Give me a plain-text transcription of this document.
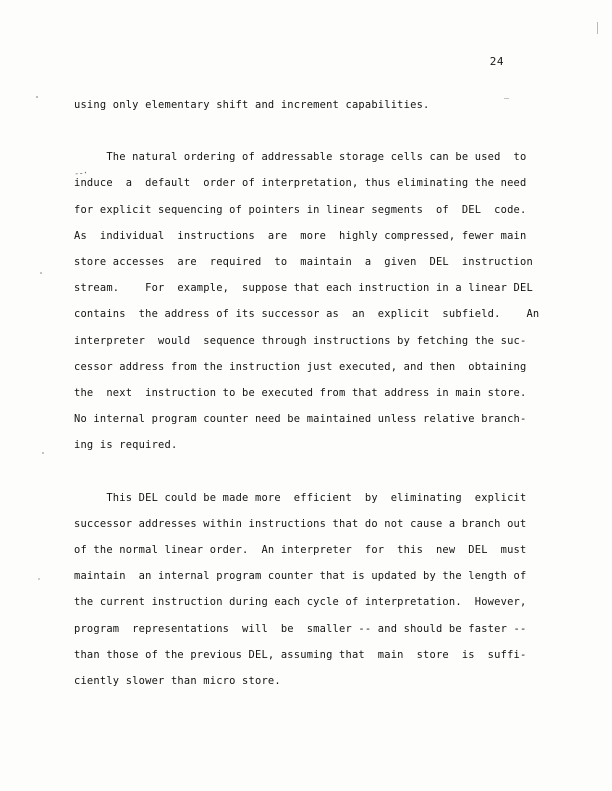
24

using only elementary shift and increment capabilities.

The natural ordering of addressable storage cells can be used  to
induce  a  default  order of interpretation, thus eliminating the need
for explicit sequencing of pointers in linear segments  of  DEL  code.
As  individual  instructions  are  more  highly compressed, fewer main
store accesses  are  required  to  maintain  a  given  DEL  instruction
stream.    For  example,  suppose that each instruction in a linear DEL
contains  the address of its successor as  an  explicit  subfield.    An
interpreter  would  sequence through instructions by fetching the suc-
cessor address from the instruction just executed, and then  obtaining
the  next  instruction to be executed from that address in main store.
No internal program counter need be maintained unless relative branch-
ing is required.

This DEL could be made more  efficient  by  eliminating  explicit
successor addresses within instructions that do not cause a branch out
of the normal linear order.  An interpreter  for  this  new  DEL  must
maintain  an internal program counter that is updated by the length of
the current instruction during each cycle of interpretation.  However,
program  representations  will  be  smaller -- and should be faster --
than those of the previous DEL, assuming that  main  store  is  suffi-
ciently slower than micro store.

--·
